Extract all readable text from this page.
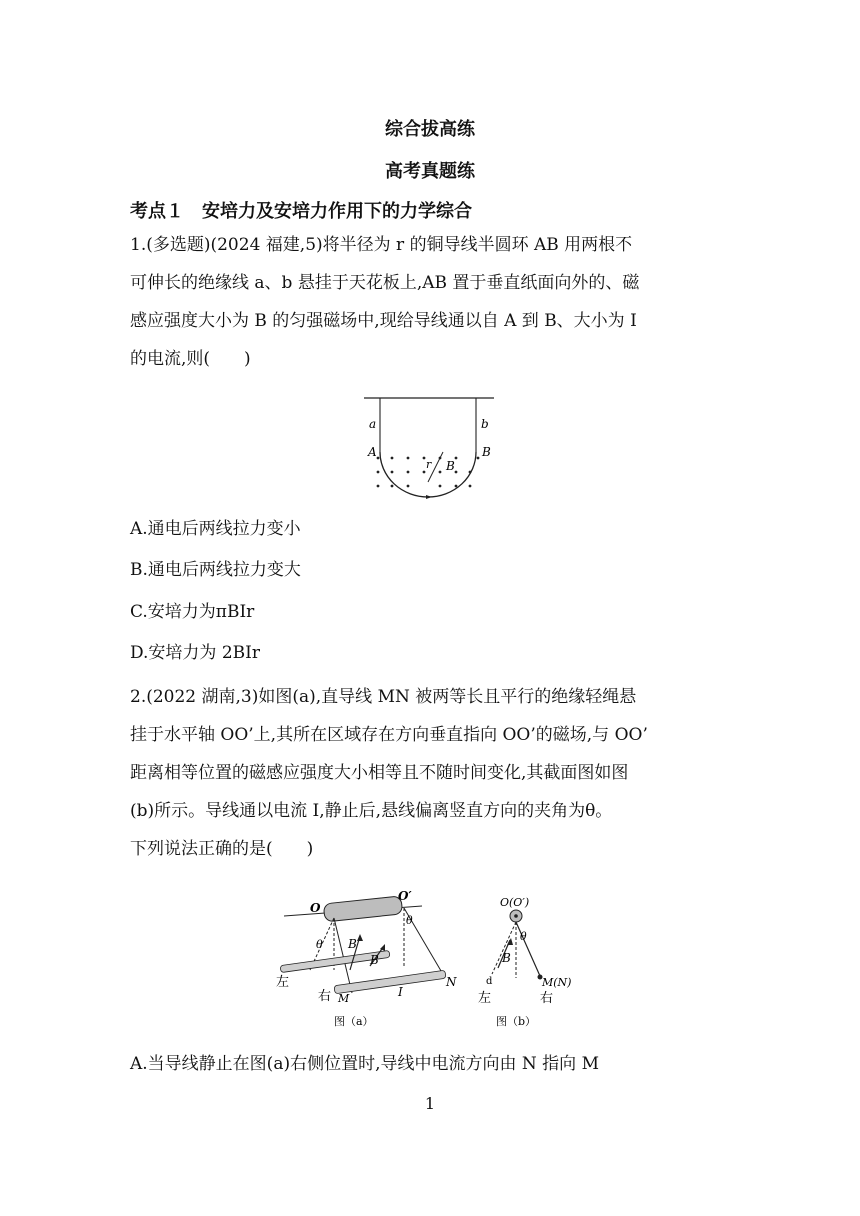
综合拔高练
高考真题练
考点１　安培力及安培力作用下的力学综合
1.(多选题)(2024 福建,5)将半径为 r 的铜导线半圆环 AB 用两根不
可伸长的绝缘线 a、b 悬挂于天花板上,AB 置于垂直纸面向外的、磁
感应强度大小为 B 的匀强磁场中,现给导线通以自 A 到 B、大小为 I
的电流,则(　　)
a	b
A	B
r B
A.通电后两线拉力变小
B.通电后两线拉力变大
C.安培力为πBIr
D.安培力为 2BIr
2.(2022 湖南,3)如图(a),直导线 MN 被两等长且平行的绝缘轻绳悬
挂于水平轴 OO’上,其所在区域存在方向垂直指向 OO’的磁场,与 OO’
距离相等位置的磁感应强度大小相等且不随时间变化,其截面图如图
(b)所示。导线通以电流 I,静止后,悬线偏离竖直方向的夹角为θ。
下列说法正确的是(　　)
O
O′
θ
θ
B
B
左
右 M	I
N
图（a）
O(O′)
θ
B
M(N)
d
左	右
图（b）
A.当导线静止在图(a)右侧位置时,导线中电流方向由 N 指向 M
1
